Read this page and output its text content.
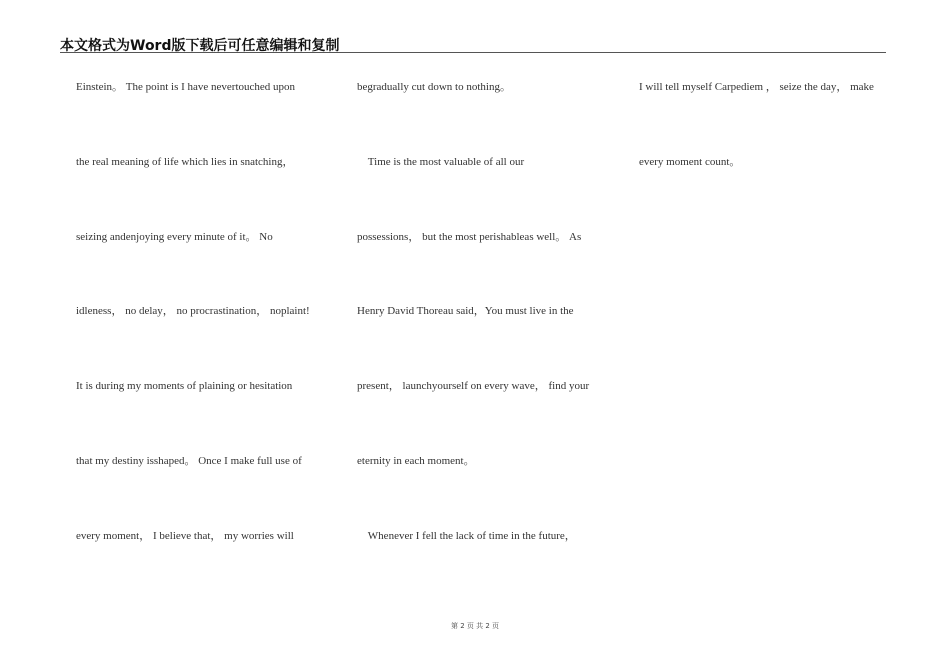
本文格式为Word版下载后可任意编辑和复制
Einstein。 The point is I have nevertouched upon
the real meaning of life which lies in snatching，
seizing andenjoying every minute of it。 No
idleness， no delay， no procrastination， noplaint!
It is during my moments of plaining or hesitation
that my destiny isshaped。 Once I make full use of
every moment， I believe that， my worries will
begradually cut down to nothing。
Time is the most valuable of all our
possessions， but the most perishableas well。 As
Henry David Thoreau said，You must live in the
present， launchyourself on every wave， find your
eternity in each moment。
Whenever I fell the lack of time in the future，
I will tell myself Carpediem ， seize the day， make
every moment count。
第 2 页 共 2 页
